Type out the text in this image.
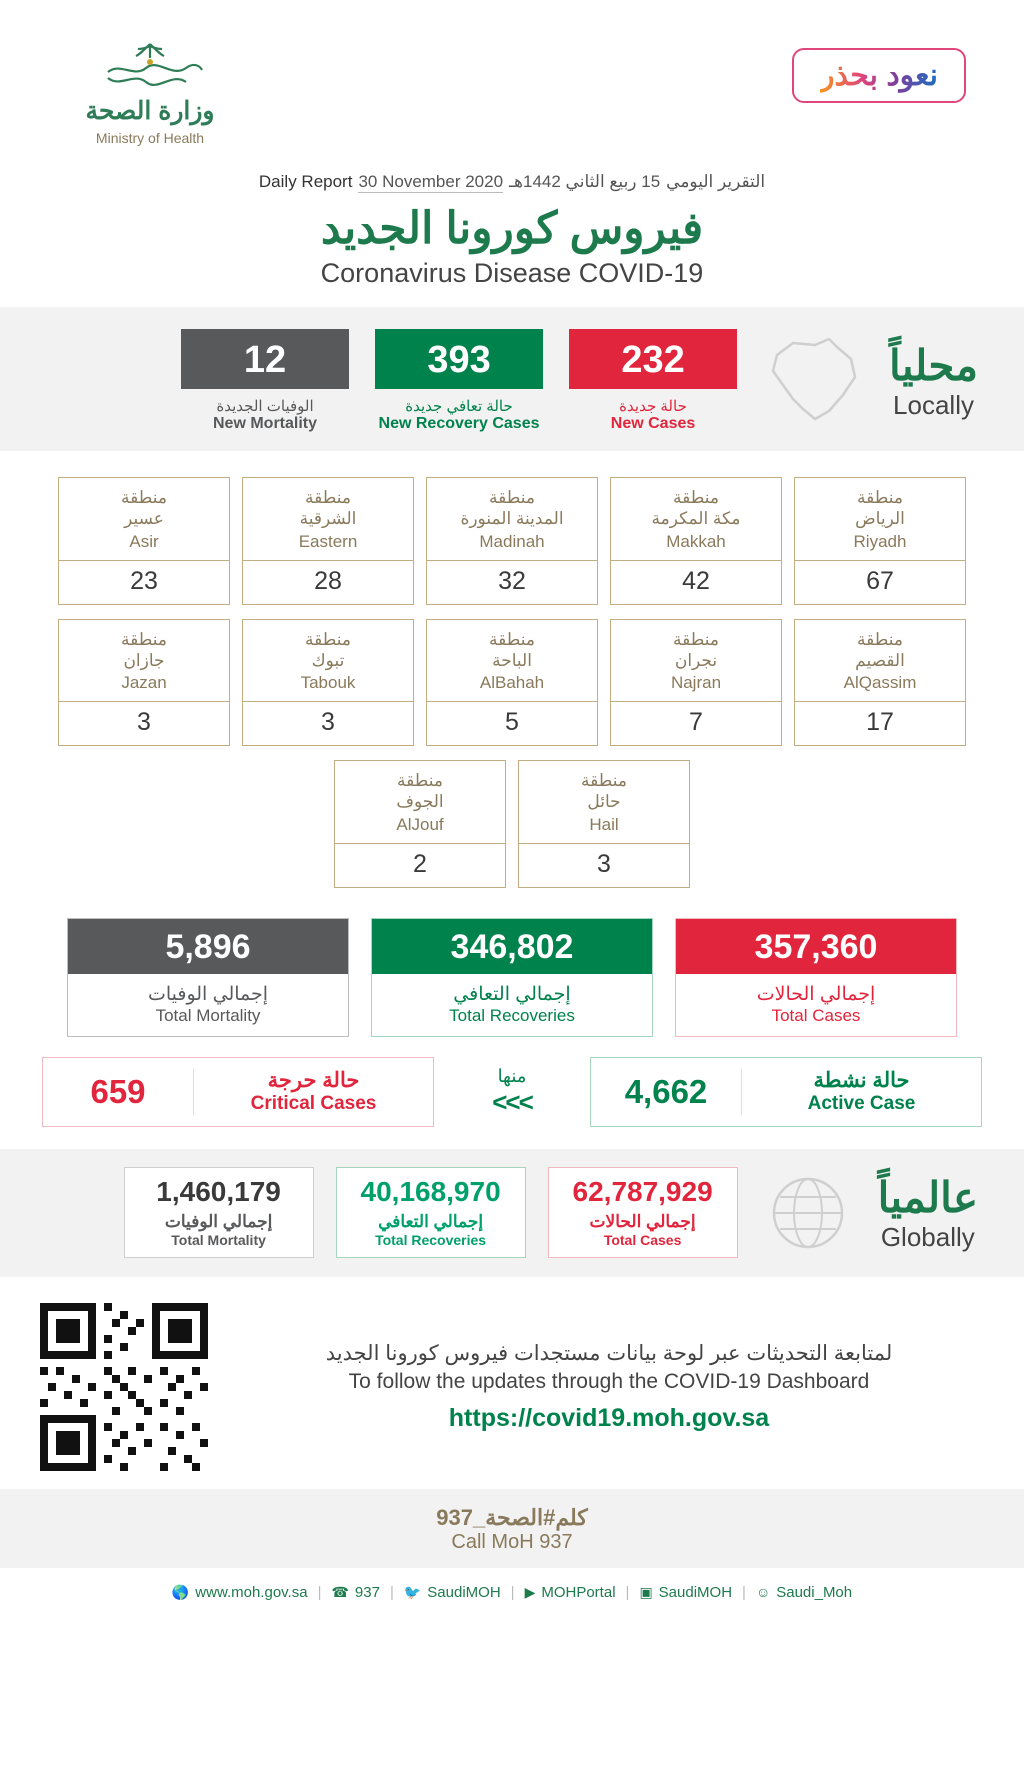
وزارة الصحة
Ministry of Health
نعود بحذر
Daily Report 30 November 2020 15 ربيع الثاني 1442هـ التقرير اليومي
فيروس كورونا الجديد
Coronavirus Disease COVID-19
12
الوفيات الجديدة
New Mortality
393
حالة تعافي جديدة
New Recovery Cases
232
حالة جديدة
New Cases
محلياً
Locally
منطقة
عسير
Asir
23
منطقة
الشرقية
Eastern
28
منطقة
المدينة المنورة
Madinah
32
منطقة
مكة المكرمة
Makkah
42
منطقة
الرياض
Riyadh
67
منطقة
جازان
Jazan
3
منطقة
تبوك
Tabouk
3
منطقة
الباحة
AlBahah
5
منطقة
نجران
Najran
7
منطقة
القصيم
AlQassim
17
منطقة
الجوف
AlJouf
2
منطقة
حائل
Hail
3
5,896
إجمالي الوفيات
Total Mortality
346,802
إجمالي التعافي
Total Recoveries
357,360
إجمالي الحالات
Total Cases
659	حالة حرجة
Critical Cases
منها
<<<	4,662	حالة نشطة
Active Case
1,460,179
إجمالي الوفيات
Total Mortality
40,168,970
إجمالي التعافي
Total Recoveries
62,787,929
إجمالي الحالات
Total Cases
عالمياً
Globally
لمتابعة التحديثات عبر لوحة بيانات مستجدات فيروس كورونا الجديد
To follow the updates through the COVID-19 Dashboard
https://covid19.moh.gov.sa
كلم#الصحة_937
Call MoH 937
🌎 www.moh.gov.sa | ☎ 937 | 🐦 SaudiMOH | ▶ MOHPortal | ▣ SaudiMOH | ☺ Saudi_Moh
